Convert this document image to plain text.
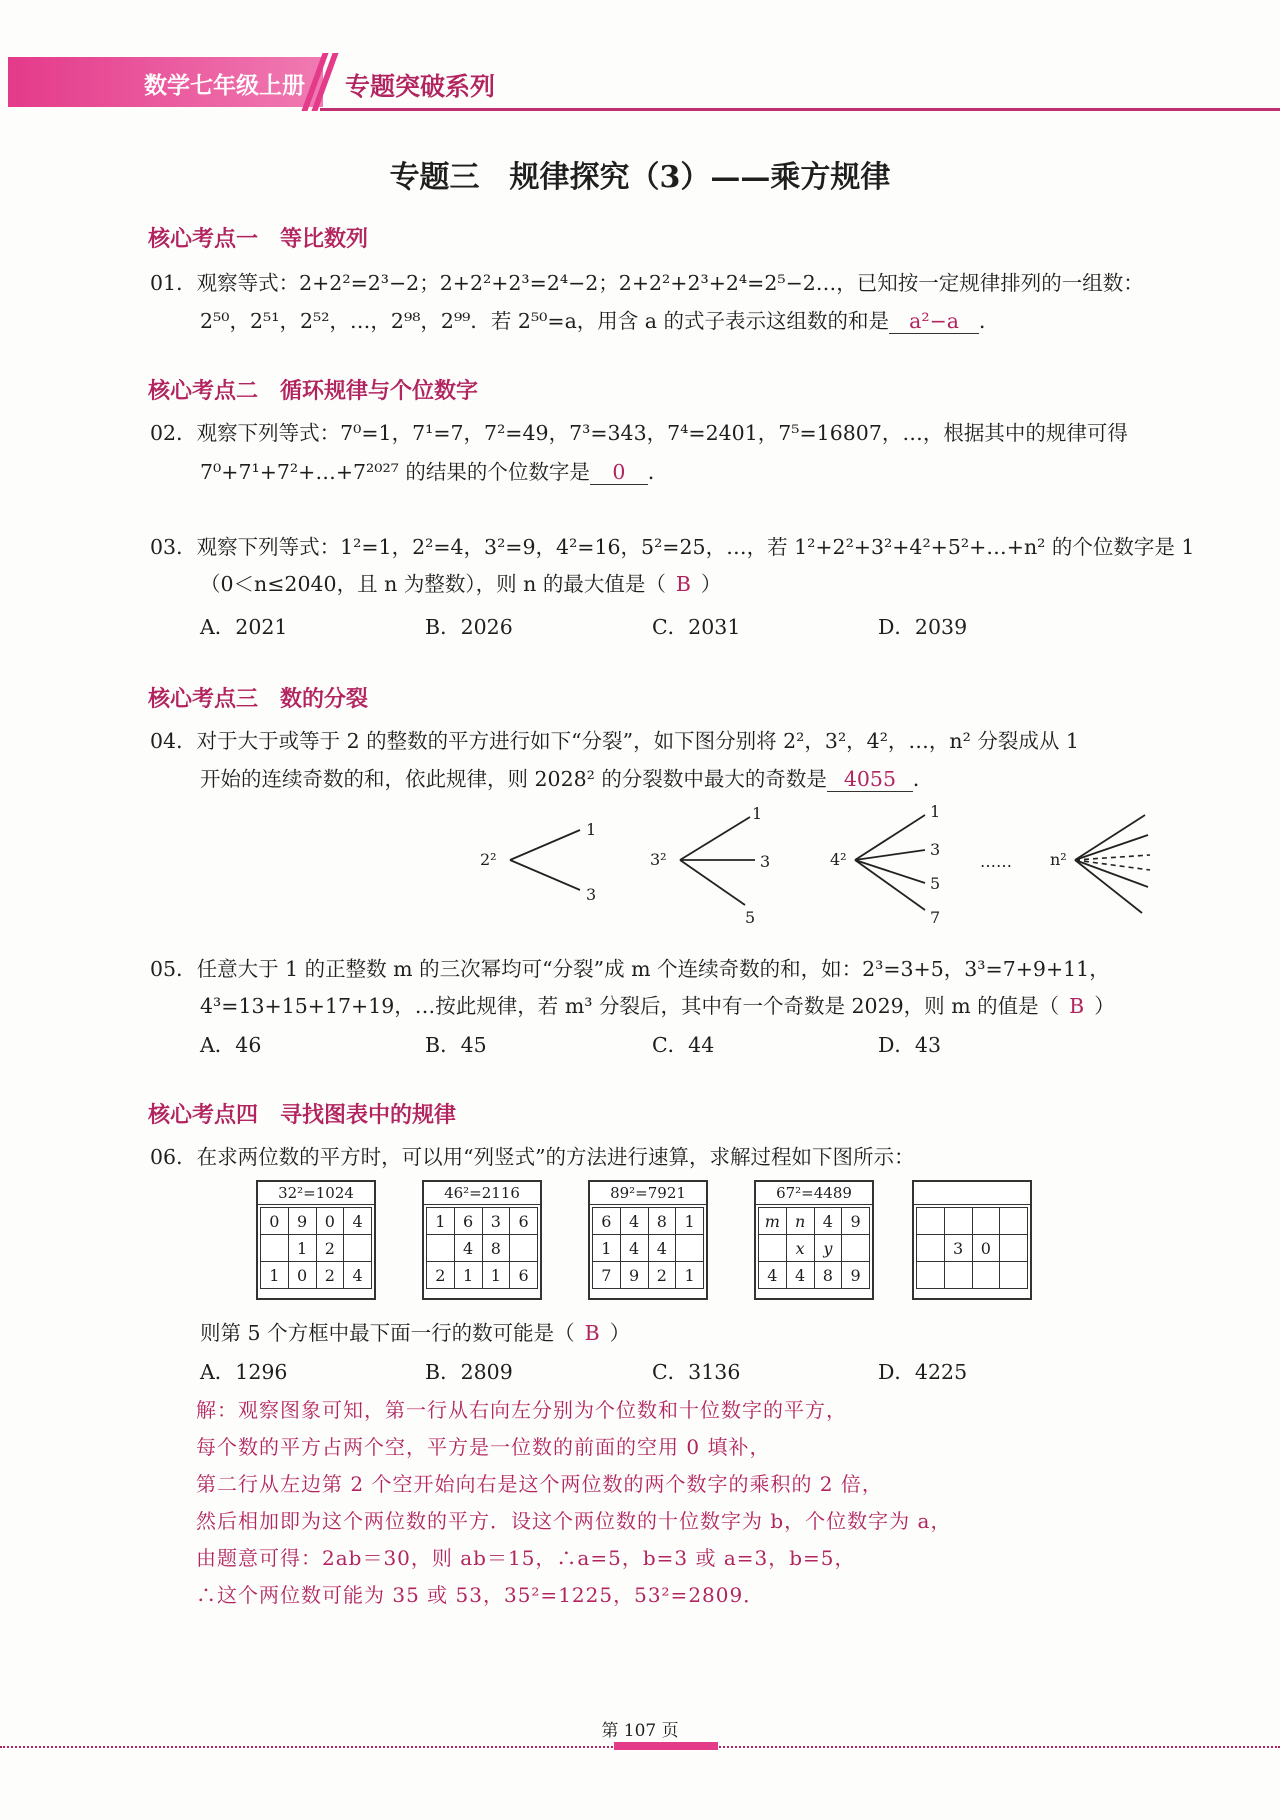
数学七年级上册 专题突破系列
专题三　规律探究（3）——乘方规律
核心考点一　等比数列
01．观察等式：2+2²=2³−2；2+2²+2³=2⁴−2；2+2²+2³+2⁴=2⁵−2…，已知按一定规律排列的一组数：
2⁵⁰，2⁵¹，2⁵²，…，2⁹⁸，2⁹⁹．若 2⁵⁰=a，用含 a 的式子表示这组数的和是 a²−a ．
核心考点二　循环规律与个位数字
02．观察下列等式：7⁰=1，7¹=7，7²=49，7³=343，7⁴=2401，7⁵=16807，…，根据其中的规律可得
7⁰+7¹+7²+…+7²⁰²⁷ 的结果的个位数字是 0 ．
03．观察下列等式：1²=1，2²=4，3²=9，4²=16，5²=25，…，若 1²+2²+3²+4²+5²+…+n² 的个位数字是 1
（0＜n≤2040，且 n 为整数），则 n 的最大值是（ B ）
A．2021	B．2026	C．2031	D．2039
核心考点三　数的分裂
04．对于大于或等于 2 的整数的平方进行如下“分裂”，如下图分别将 2²，3²，4²，…，n² 分裂成从 1
开始的连续奇数的和，依此规律，则 2028² 的分裂数中最大的奇数是 4055 ．
2²
1
3
3²
1
3
5
4²
1
3
5
7
…… n²
05．任意大于 1 的正整数 m 的三次幂均可“分裂”成 m 个连续奇数的和，如：2³=3+5，3³=7+9+11，
4³=13+15+17+19，…按此规律，若 m³ 分裂后，其中有一个奇数是 2029，则 m 的值是（ B ）
A．46	B．45	C．44	D．43
核心考点四　寻找图表中的规律
06．在求两位数的平方时，可以用“列竖式”的方法进行速算，求解过程如下图所示：
32²=1024
0	9	0	4
	1	2	
1	0	2	4
46²=2116
1	6	3	6
	4	8	
2	1	1	6
89²=7921
6	4	8	1
1	4	4	
7	9	2	1
67²=4489
m	n	4	9
	x	y	
4	4	8	9

	3	0	

则第 5 个方框中最下面一行的数可能是（ B ）
A．1296	B．2809	C．3136	D．4225
解：观察图象可知，第一行从右向左分别为个位数和十位数字的平方，
每个数的平方占两个空，平方是一位数的前面的空用 0 填补，
第二行从左边第 2 个空开始向右是这个两位数的两个数字的乘积的 2 倍，
然后相加即为这个两位数的平方．设这个两位数的十位数字为 b，个位数字为 a，
由题意可得：2ab＝30，则 ab＝15，∴a=5，b=3 或 a=3，b=5，
∴这个两位数可能为 35 或 53，35²=1225，53²=2809．
第 107 页
